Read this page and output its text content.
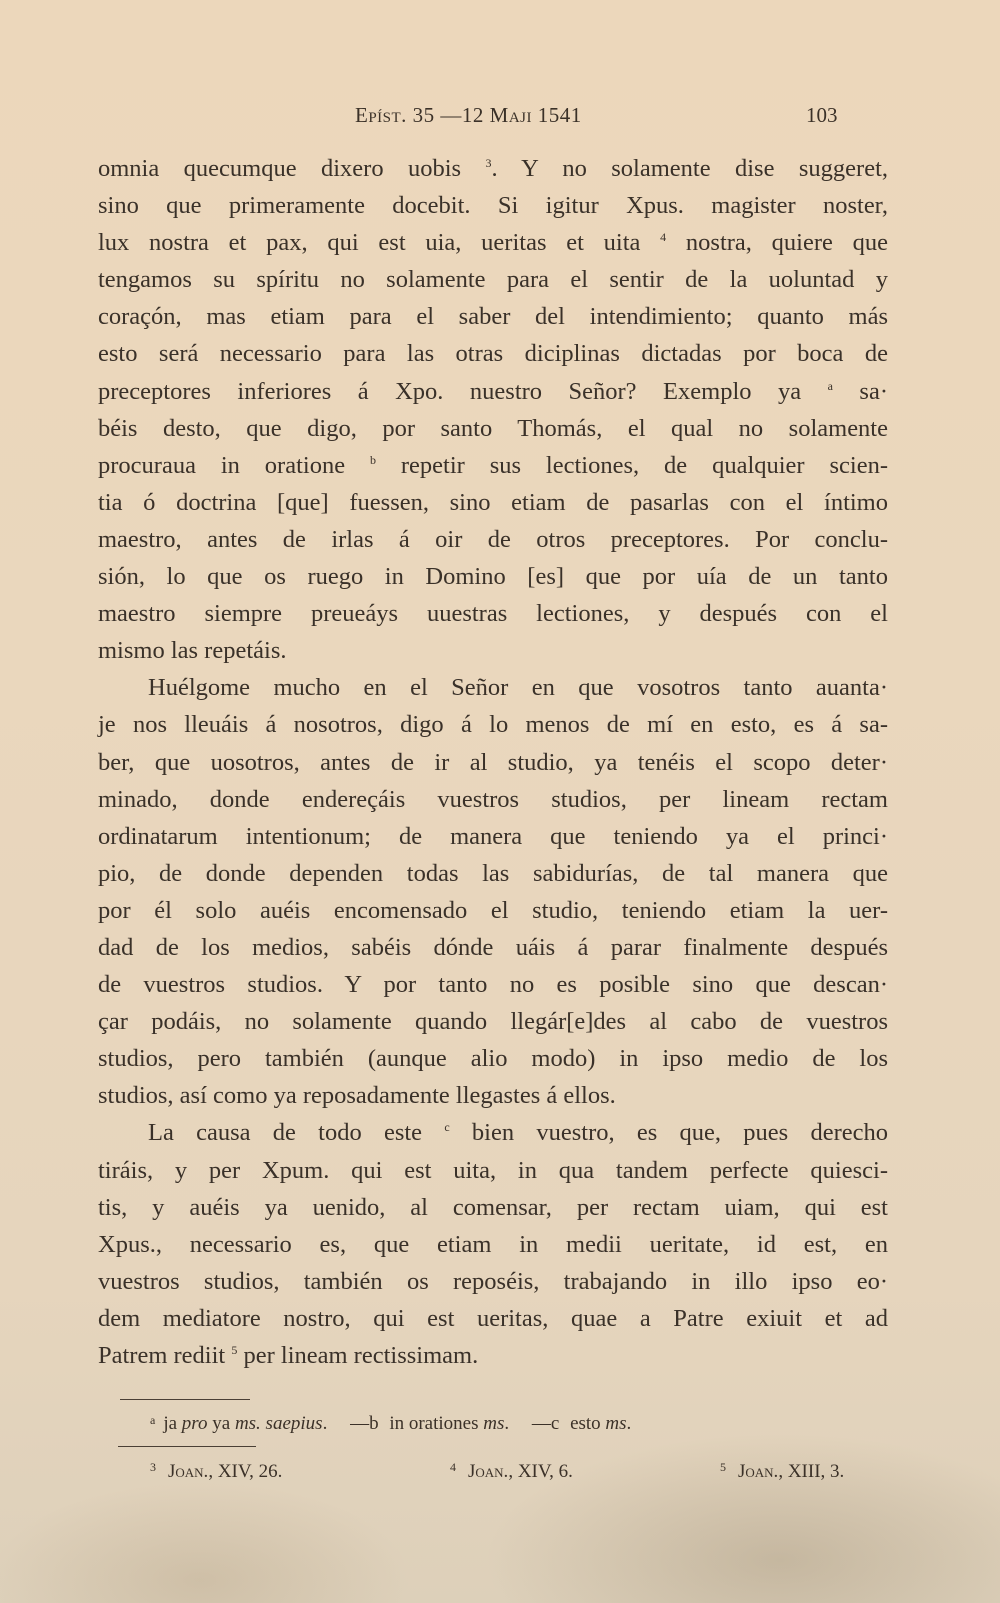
Epíst. 35 —12 Maji 1541	103
omnia quecumque dixero uobis $^3$. Y no solamente dise suggeret,
sino que primeramente docebit. Si igitur Xpus. magister noster,
lux nostra et pax, qui est uia, ueritas et uita $^4$ nostra, quiere que
tengamos su spíritu no solamente para el sentir de la uoluntad y
coraçón, mas etiam para el saber del intendimiento; quanto más
esto será necessario para las otras diciplinas dictadas por boca de
preceptores inferiores á Xpo. nuestro Señor? Exemplo ya $^a$ sa·
béis desto, que digo, por santo Thomás, el qual no solamente
procuraua in oratione $^b$ repetir sus lectiones, de qualquier scien-
tia ó doctrina [que] fuessen, sino etiam de pasarlas con el íntimo
maestro, antes de irlas á oir de otros preceptores. Por conclu-
sión, lo que os ruego in Domino [es] que por uía de un tanto
maestro siempre preueáys uuestras lectiones, y después con el
mismo las repetáis.
Huélgome mucho en el Señor en que vosotros tanto auanta·
je nos lleuáis á nosotros, digo á lo menos de mí en esto, es á sa-
ber, que uosotros, antes de ir al studio, ya tenéis el scopo deter·
minado, donde endereçáis vuestros studios, per lineam rectam
ordinatarum intentionum; de manera que teniendo ya el princi·
pio, de donde dependen todas las sabidurías, de tal manera que
por él solo auéis encomensado el studio, teniendo etiam la uer-
dad de los medios, sabéis dónde uáis á parar finalmente después
de vuestros studios. Y por tanto no es posible sino que descan·
çar podáis, no solamente quando llegár[e]des al cabo de vuestros
studios, pero también (aunque alio modo) in ipso medio de los
studios, así como ya reposadamente llegastes á ellos.
La causa de todo este $^c$ bien vuestro, es que, pues derecho
tiráis, y per Xpum. qui est uita, in qua tandem perfecte quiesci-
tis, y auéis ya uenido, al comensar, per rectam uiam, qui est
Xpus., necessario es, que etiam in medii ueritate, id est, en
vuestros studios, también os reposéis, trabajando in illo ipso eo·
dem mediatore nostro, qui est ueritas, quae a Patre exiuit et ad
Patrem rediit $^5$ per lineam rectissimam.
$^a$ ja pro ya ms. saepius. —b in orationes ms. —c esto ms.
$^3$ Joan., XIV, 26.	$^4$ Joan., XIV, 6.	$^5$ Joan., XIII, 3.
